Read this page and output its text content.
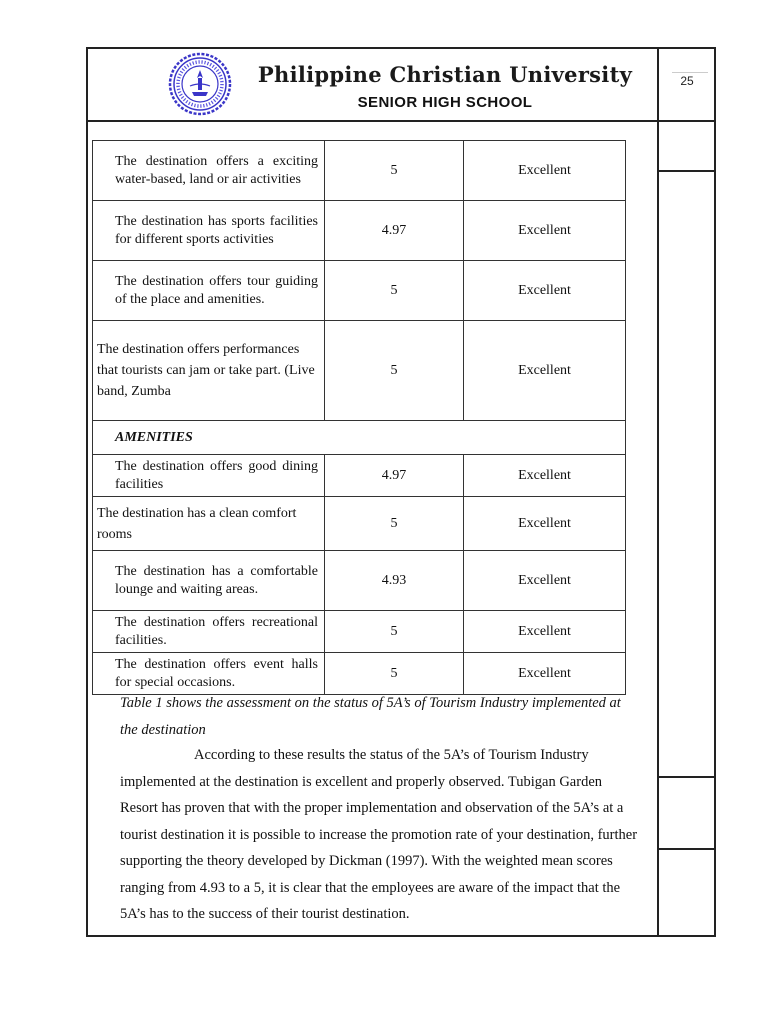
Philippine Christian University
SENIOR HIGH SCHOOL
25
The destination offers a exciting water-based, land or air activities	5	Excellent
The destination has sports facilities for different sports activities	4.97	Excellent
The destination offers tour guiding of the place and amenities.	5	Excellent
The destination offers performances that tourists can jam or take part. (Live band, Zumba	5	Excellent
AMENITIES		
The destination offers good dining facilities	4.97	Excellent
The destination has a clean comfort rooms	5	Excellent
The destination has a comfortable lounge and waiting areas.	4.93	Excellent
The destination offers recreational facilities.	5	Excellent
The destination offers event halls for special occasions.	5	Excellent
Table 1 shows the assessment on the status of 5A’s of Tourism Industry implemented at the destination
According to these results the status of the 5A’s of Tourism Industry implemented at the destination is excellent and properly observed. Tubigan Garden Resort has proven that with the proper implementation and observation of the 5A’s at a tourist destination it is possible to increase the promotion rate of your destination, further supporting the theory developed by Dickman (1997). With the weighted mean scores ranging from 4.93 to a 5, it is clear that the employees are aware of the impact that the 5A’s has to the success of their tourist destination.
